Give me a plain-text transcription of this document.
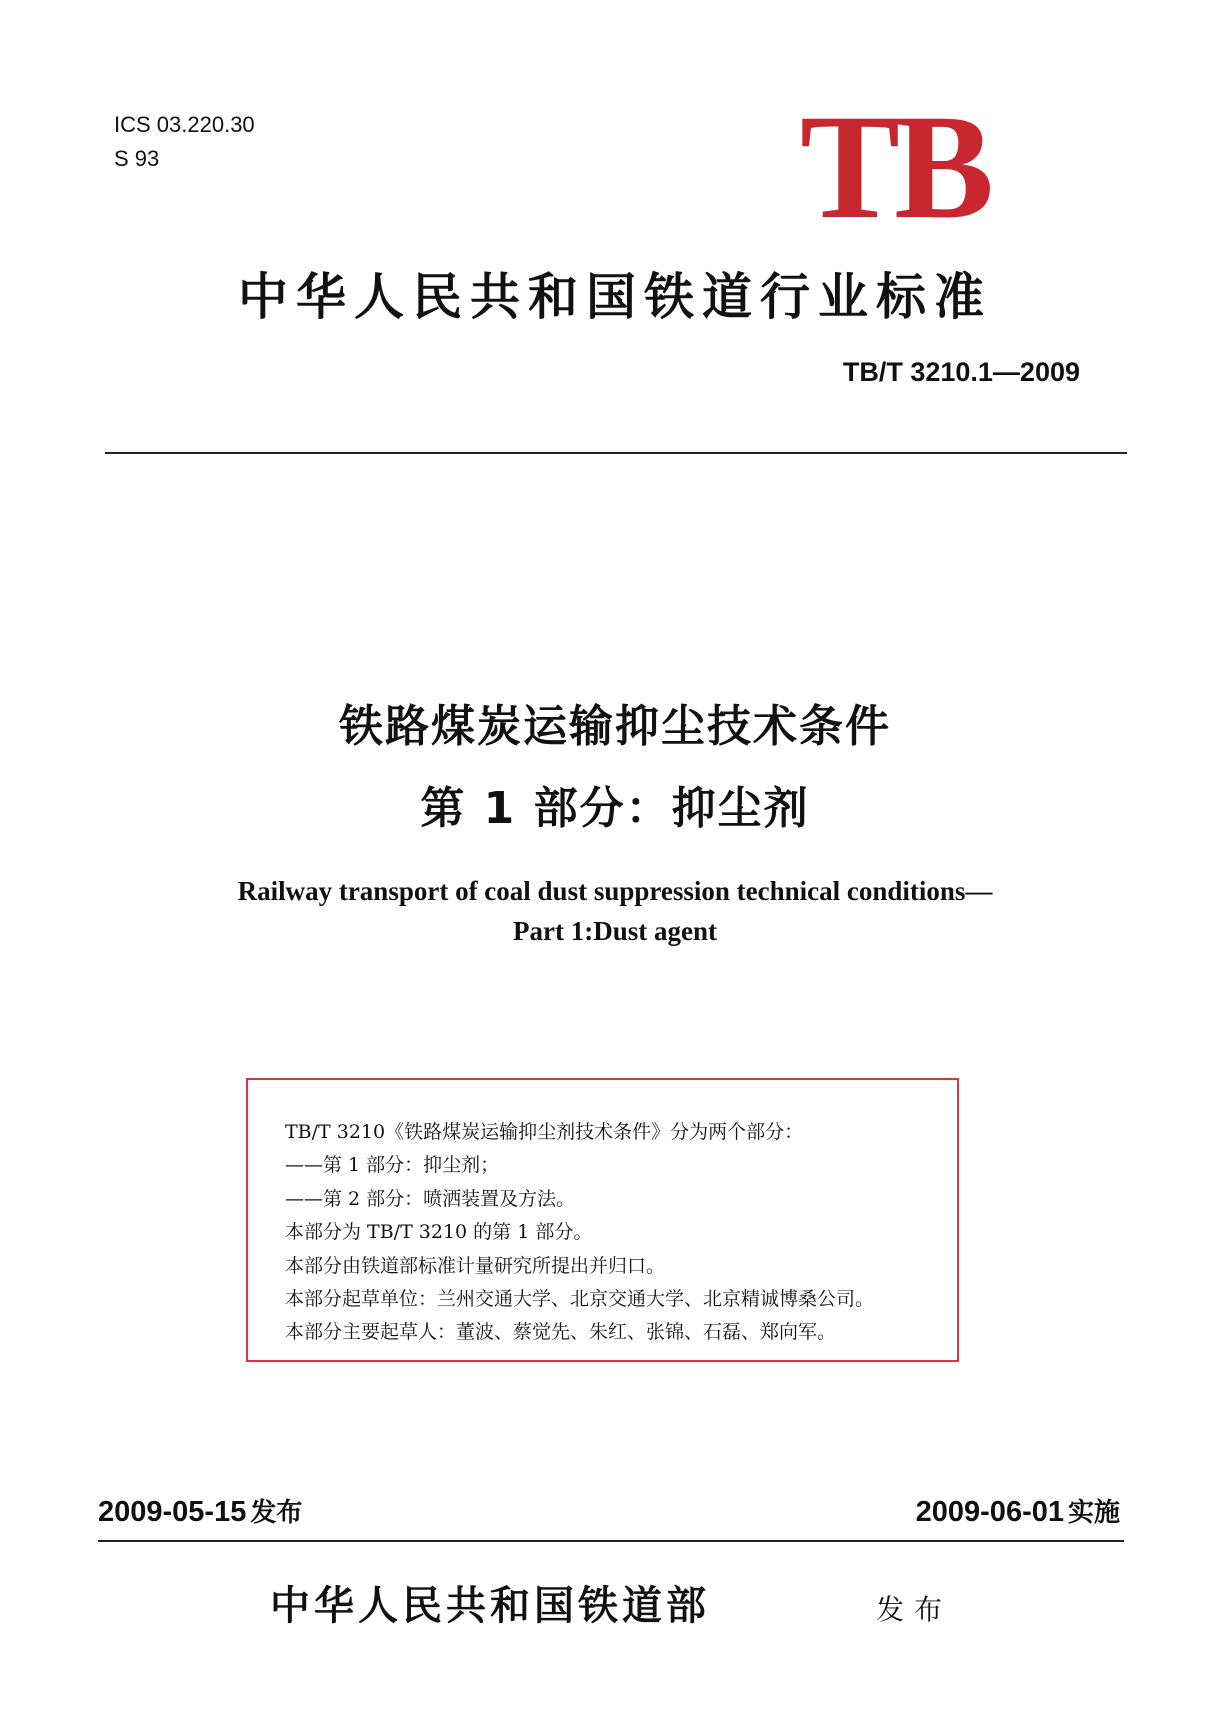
ICS 03.220.30
S 93	TB
中华人民共和国铁道行业标准
TB/T 3210.1—2009
铁路煤炭运输抑尘技术条件
第 1 部分：抑尘剂
Railway transport of coal dust suppression technical conditions—
Part 1:Dust agent
TB/T 3210《铁路煤炭运输抑尘剂技术条件》分为两个部分：
——第 1 部分：抑尘剂；
——第 2 部分：喷洒装置及方法。
本部分为 TB/T 3210 的第 1 部分。
本部分由铁道部标准计量研究所提出并归口。
本部分起草单位：兰州交通大学、北京交通大学、北京精诚博桑公司。
本部分主要起草人：董波、蔡觉先、朱红、张锦、石磊、郑向军。
2009-05-15 发布	2009-06-01 实施
中华人民共和国铁道部	发布
